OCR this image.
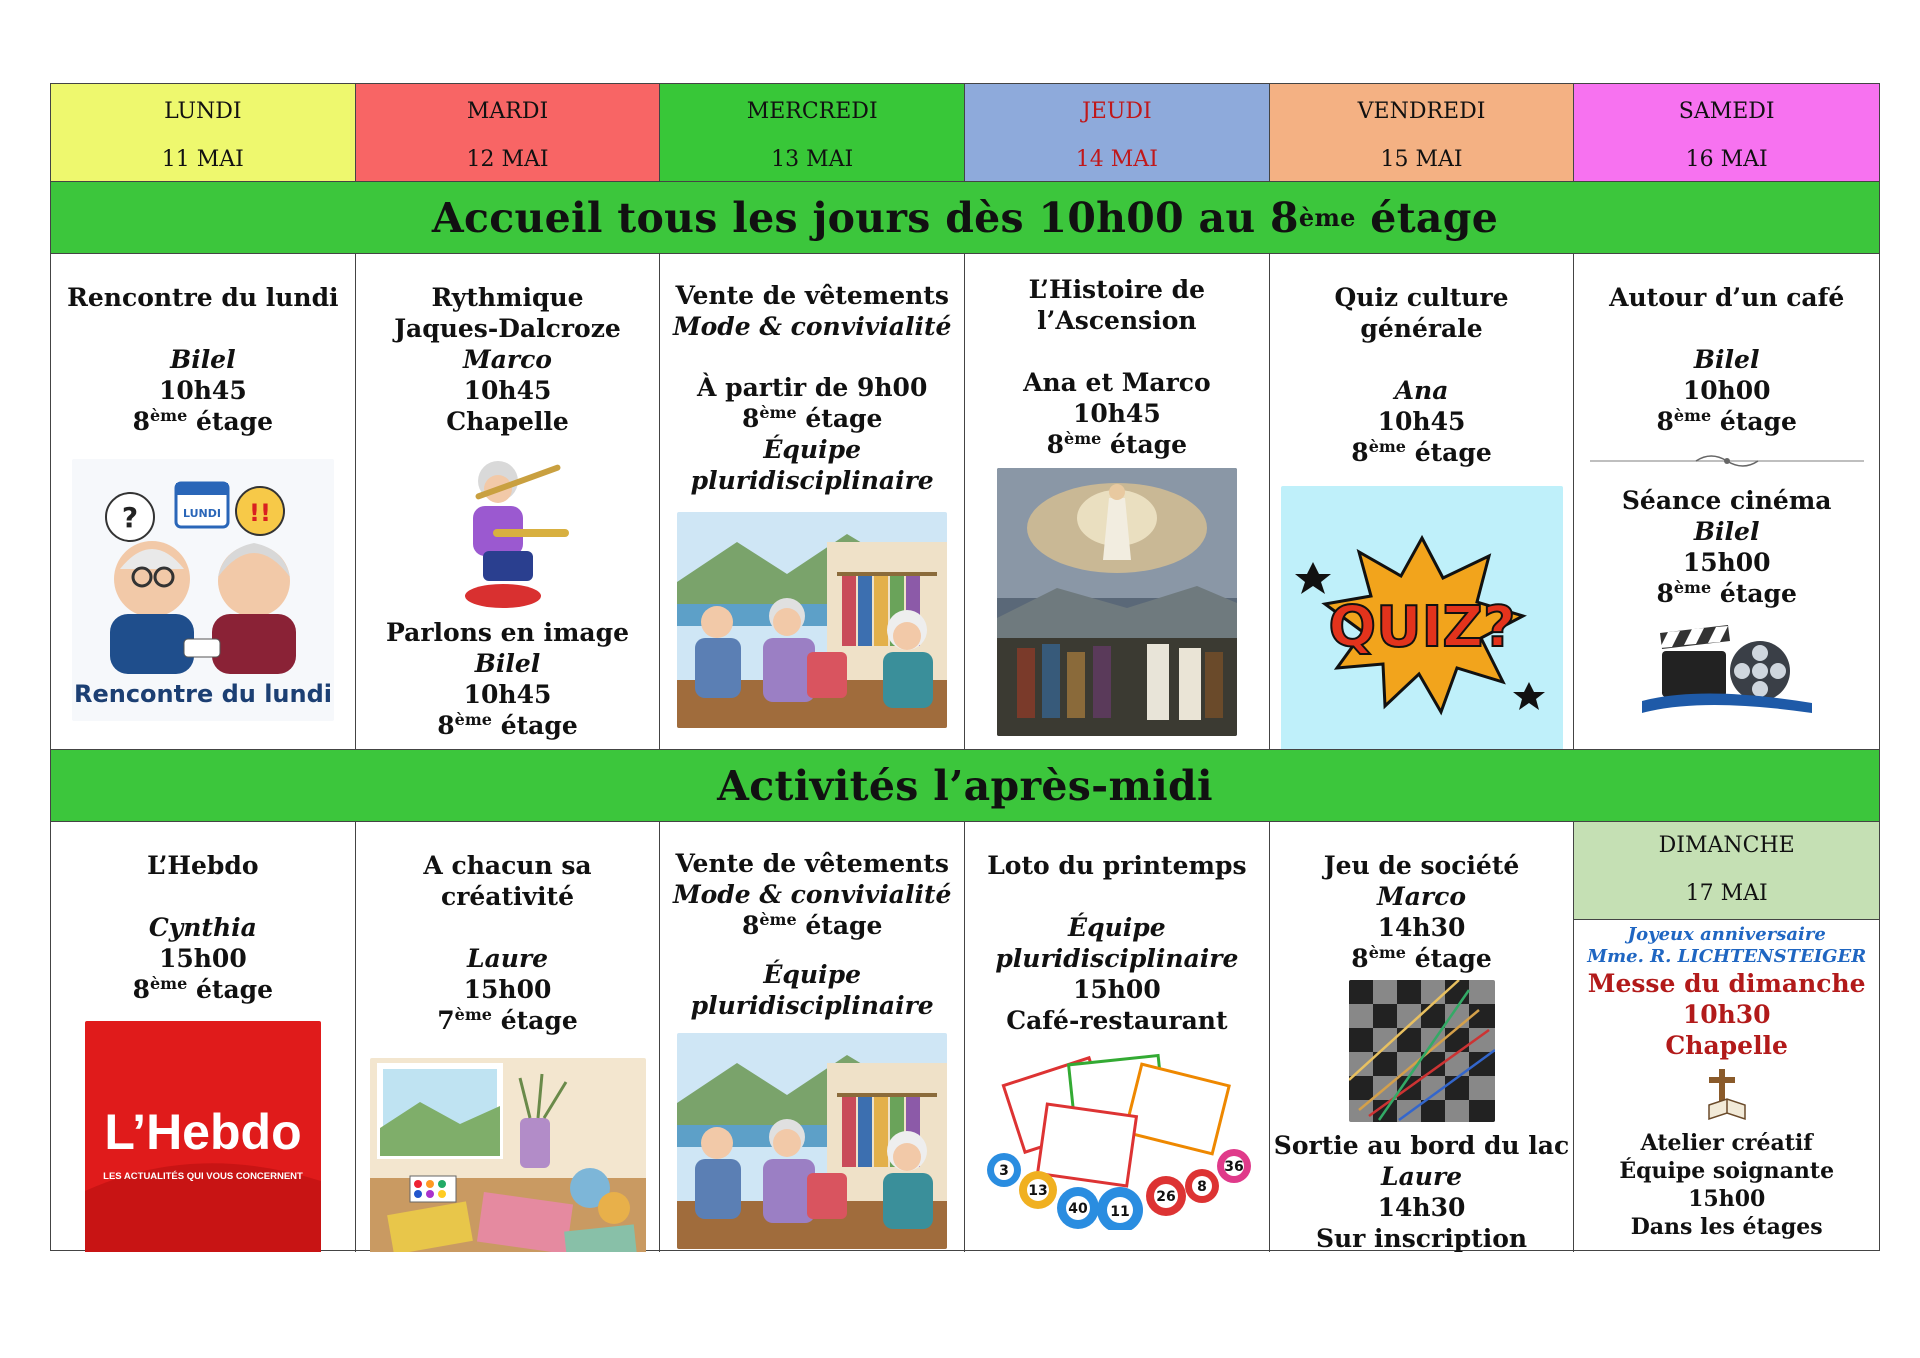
LUNDI
11 MAI
MARDI
12 MAI
MERCREDI
13 MAI
JEUDI
14 MAI
VENDREDI
15 MAI
SAMEDI
16 MAI
Accueil tous les jours dès 10h00 au 8 ème étage
Rencontre du lundi
Bilel
10h45
8ème étage
?	!!
LUNDI
Rencontre du lundi
Rythmique
Jaques-Dalcroze
Marco
10h45
Chapelle
Parlons en image
Bilel
10h45
8ème étage
Vente de vêtements
Mode & convivialité
À partir de 9h00
8ème étage
Équipe
pluridisciplinaire
L’Histoire de
l’Ascension
Ana et Marco
10h45
8ème étage
Quiz culture générale
Ana
10h45
8ème étage
QUIZ?
Autour d’un café
Bilel
10h00
8ème étage
Séance cinéma
Bilel
15h00
8ème étage
Activités l’après-midi
L’Hebdo
Cynthia
15h00
8ème étage
L’Hebdo
LES ACTUALITÉS QUI VOUS CONCERNENT
A chacun sa créativité
Laure
15h00
7ème étage
Vente de vêtements
Mode & convivialité
8ème étage
Équipe
pluridisciplinaire
Loto du printemps
Équipe
pluridisciplinaire
15h00
Café-restaurant
3
13
40 11
26
8
36
Jeu de société
Marco
14h30
8ème étage
Sortie au bord du lac
Laure
14h30
Sur inscription
DIMANCHE
17 MAI
Joyeux anniversaire
Mme. R. LICHTENSTEIGER
Messe du dimanche
10h30
Chapelle
Atelier créatif
Équipe soignante
15h00
Dans les étages
